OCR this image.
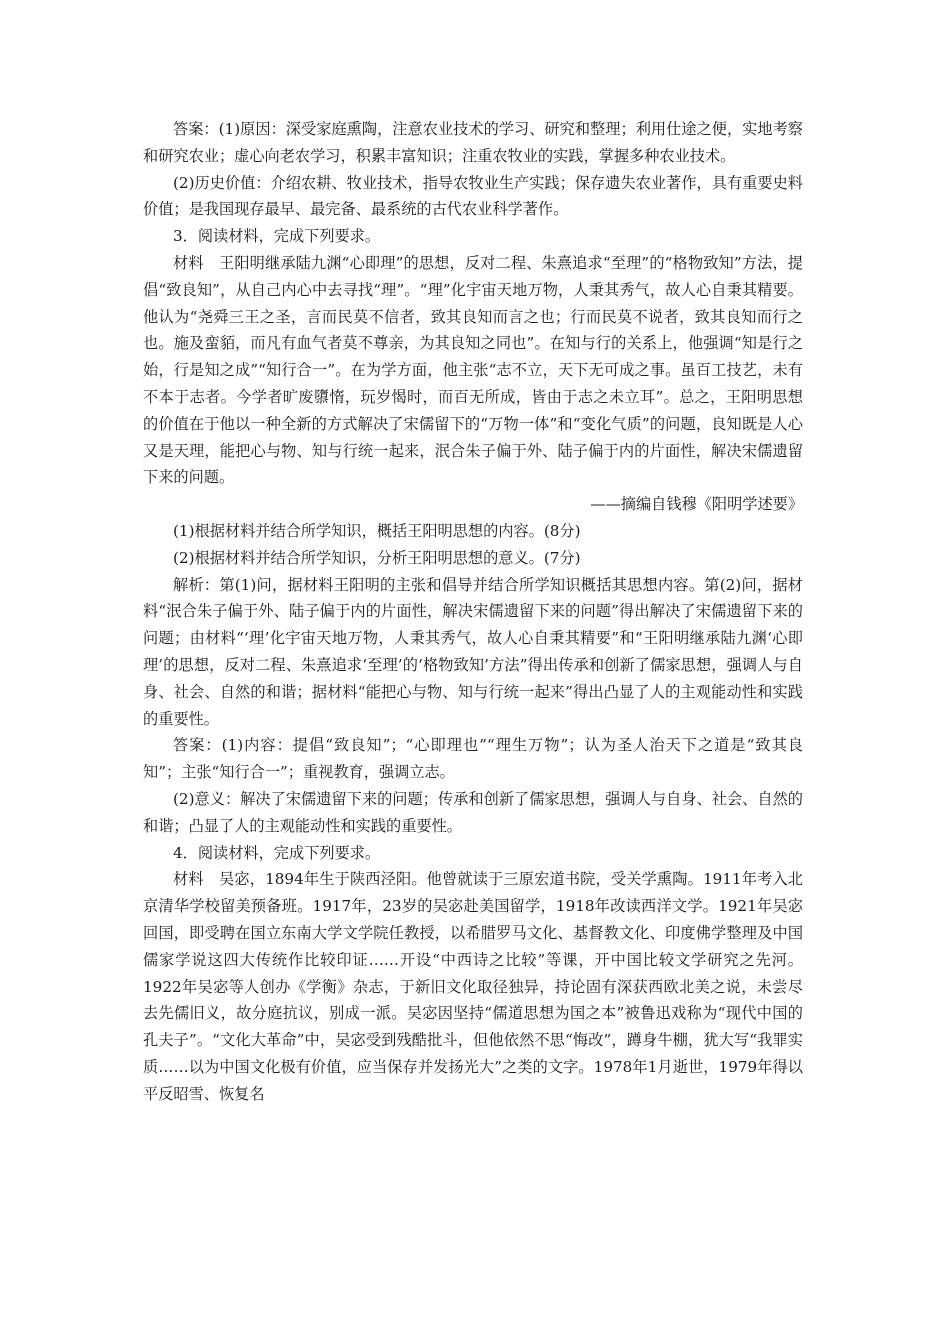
答案：(1)原因：深受家庭熏陶，注意农业技术的学习、研究和整理；利用仕途之便，实地考察和研究农业；虚心向老农学习，积累丰富知识；注重农牧业的实践，掌握多种农业技术。

(2)历史价值：介绍农耕、牧业技术，指导农牧业生产实践；保存遗失农业著作，具有重要史料价值；是我国现存最早、最完备、最系统的古代农业科学著作。

3．阅读材料，完成下列要求。

材料　王阳明继承陆九渊“心即理”的思想，反对二程、朱熹追求“至理”的“格物致知”方法，提倡“致良知”，从自己内心中去寻找“理”。“理”化宇宙天地万物，人秉其秀气，故人心自秉其精要。他认为“尧舜三王之圣，言而民莫不信者，致其良知而言之也；行而民莫不说者，致其良知而行之也。施及蛮貊，而凡有血气者莫不尊亲，为其良知之同也”。在知与行的关系上，他强调“知是行之始，行是知之成”“知行合一”。在为学方面，他主张“志不立，天下无可成之事。虽百工技艺，未有不本于志者。今学者旷废隳惰，玩岁愒时，而百无所成，皆由于志之未立耳”。总之，王阳明思想的价值在于他以一种全新的方式解决了宋儒留下的“万物一体”和“变化气质”的问题，良知既是人心又是天理，能把心与物、知与行统一起来，泯合朱子偏于外、陆子偏于内的片面性，解决宋儒遗留下来的问题。

——摘编自钱穆《阳明学述要》

(1)根据材料并结合所学知识，概括王阳明思想的内容。(8分)

(2)根据材料并结合所学知识，分析王阳明思想的意义。(7分)

解析：第(1)问，据材料王阳明的主张和倡导并结合所学知识概括其思想内容。第(2)问，据材料“泯合朱子偏于外、陆子偏于内的片面性，解决宋儒遗留下来的问题”得出解决了宋儒遗留下来的问题；由材料“‘理’化宇宙天地万物，人秉其秀气，故人心自秉其精要”和“王阳明继承陆九渊‘心即理’的思想，反对二程、朱熹追求‘至理’的‘格物致知’方法”得出传承和创新了儒家思想，强调人与自身、社会、自然的和谐；据材料“能把心与物、知与行统一起来”得出凸显了人的主观能动性和实践的重要性。

答案：(1)内容：提倡“致良知”；“心即理也”“理生万物”；认为圣人治天下之道是“致其良知”；主张“知行合一”；重视教育，强调立志。

(2)意义：解决了宋儒遗留下来的问题；传承和创新了儒家思想，强调人与自身、社会、自然的和谐；凸显了人的主观能动性和实践的重要性。

4．阅读材料，完成下列要求。

材料　吴宓，1894年生于陕西泾阳。他曾就读于三原宏道书院，受关学熏陶。1911年考入北京清华学校留美预备班。1917年，23岁的吴宓赴美国留学，1918年改读西洋文学。1921年吴宓回国，即受聘在国立东南大学文学院任教授，以希腊罗马文化、基督教文化、印度佛学整理及中国儒家学说这四大传统作比较印证……开设“中西诗之比较”等课，开中国比较文学研究之先河。1922年吴宓等人创办《学衡》杂志，于新旧文化取径独异，持论固有深获西欧北美之说，未尝尽去先儒旧义，故分庭抗议，别成一派。吴宓因坚持“儒道思想为国之本”被鲁迅戏称为“现代中国的孔夫子”。“文化大革命”中，吴宓受到残酷批斗，但他依然不思“悔改”，蹲身牛棚，犹大写“我罪实质……以为中国文化极有价值，应当保存并发扬光大”之类的文字。1978年1月逝世，1979年得以平反昭雪、恢复名
